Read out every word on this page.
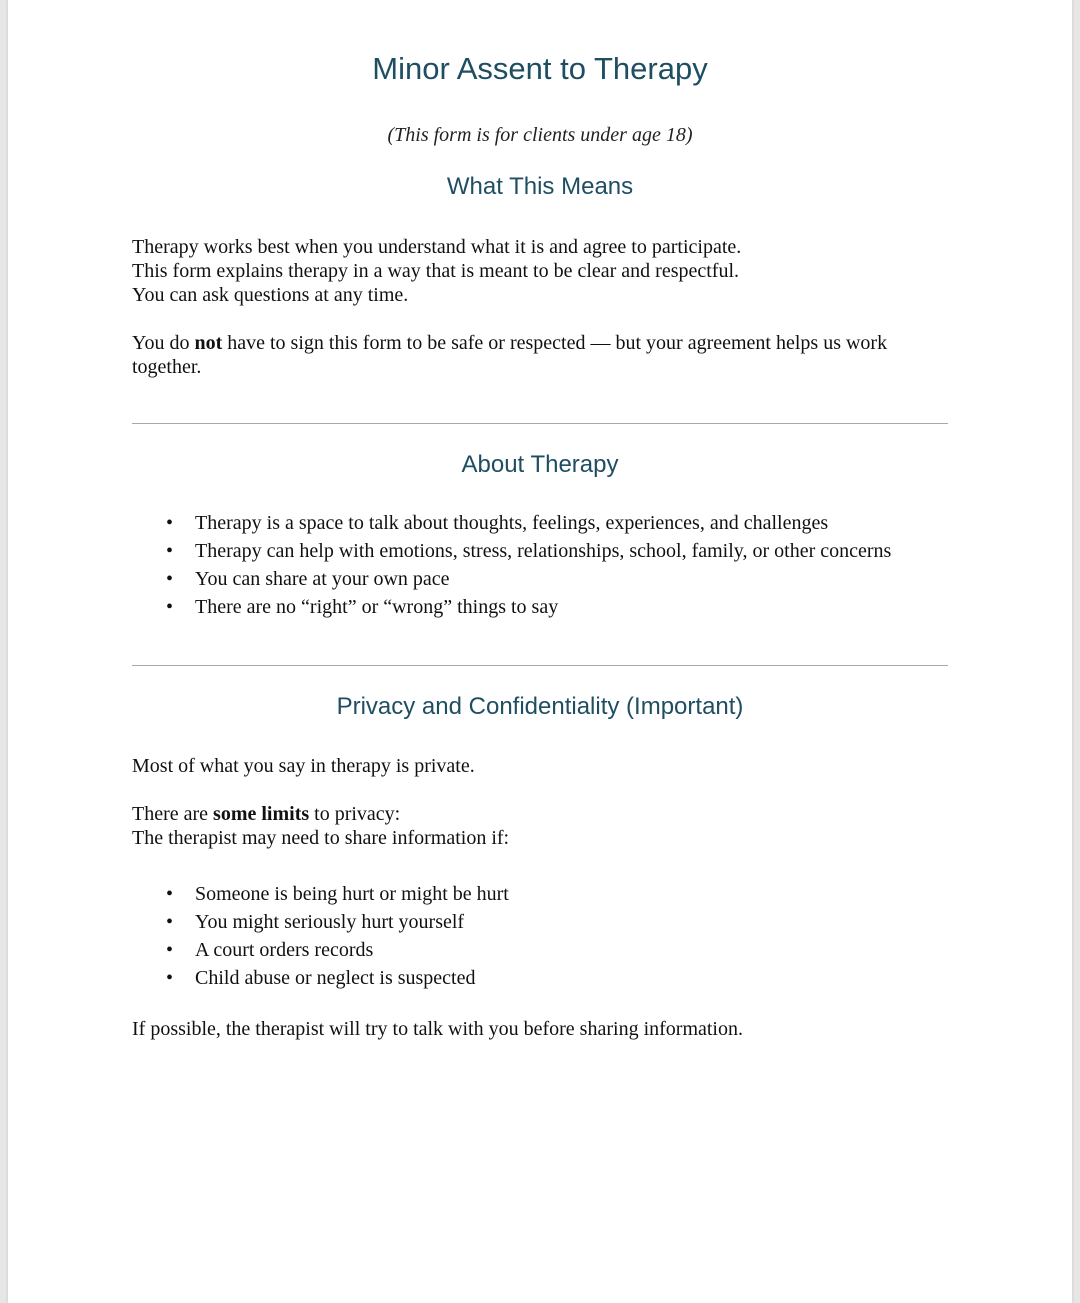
Minor Assent to Therapy

(This form is for clients under age 18)

What This Means

Therapy works best when you understand what it is and agree to participate.
This form explains therapy in a way that is meant to be clear and respectful.
You can ask questions at any time.

You do not have to sign this form to be safe or respected — but your agreement helps us work together.

About Therapy
• Therapy is a space to talk about thoughts, feelings, experiences, and challenges
• Therapy can help with emotions, stress, relationships, school, family, or other concerns
• You can share at your own pace
• There are no “right” or “wrong” things to say
Privacy and Confidentiality (Important)

Most of what you say in therapy is private.

There are some limits to privacy:
The therapist may need to share information if:

• Someone is being hurt or might be hurt
• You might seriously hurt yourself
• A court orders records
• Child abuse or neglect is suspected

If possible, the therapist will try to talk with you before sharing information.
